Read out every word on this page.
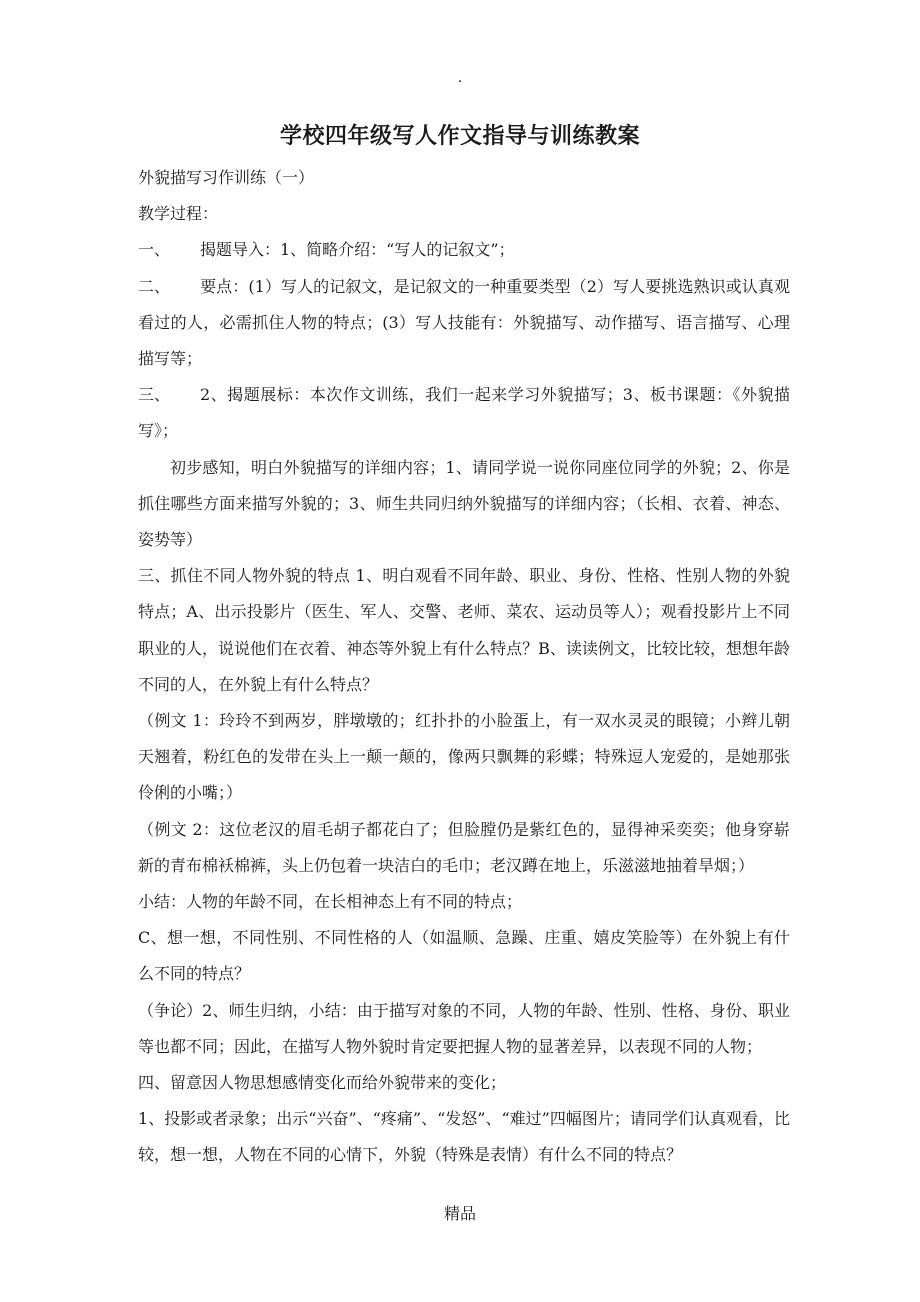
.
学校四年级写人作文指导与训练教案

外貌描写习作训练（一）

教学过程：

一、 揭题导入：1、简略介绍：“写人的记叙文”；

二、 要点：(1）写人的记叙文，是记叙文的一种重要类型（2）写人要挑选熟识或认真观看过的人，必需抓住人物的特点；(3）写人技能有：外貌描写、动作描写、语言描写、心理描写等；

三、 2、揭题展标：本次作文训练，我们一起来学习外貌描写；3、板书课题：《外貌描写》；

初步感知，明白外貌描写的详细内容；1、请同学说一说你同座位同学的外貌；2、你是抓住哪些方面来描写外貌的；3、师生共同归纳外貌描写的详细内容；（长相、衣着、神态、姿势等）

三、抓住不同人物外貌的特点 1、明白观看不同年龄、职业、身份、性格、性别人物的外貌特点；A、出示投影片（医生、军人、交警、老师、菜农、运动员等人）；观看投影片上不同职业的人，说说他们在衣着、神态等外貌上有什么特点？B、读读例文，比较比较，想想年龄不同的人，在外貌上有什么特点？

（例文 1：玲玲不到两岁，胖墩墩的；红扑扑的小脸蛋上，有一双水灵灵的眼镜；小辫儿朝天翘着，粉红色的发带在头上一颠一颠的，像两只飘舞的彩蝶；特殊逗人宠爱的，是她那张伶俐的小嘴；）

（例文 2：这位老汉的眉毛胡子都花白了；但脸膛仍是紫红色的，显得神采奕奕；他身穿崭新的青布棉袄棉裤，头上仍包着一块洁白的毛巾；老汉蹲在地上，乐滋滋地抽着旱烟；）

小结：人物的年龄不同，在长相神态上有不同的特点；

C、想一想，不同性别、不同性格的人（如温顺、急躁、庄重、嬉皮笑脸等）在外貌上有什么不同的特点？

（争论）2、师生归纳，小结：由于描写对象的不同，人物的年龄、性别、性格、身份、职业等也都不同；因此，在描写人物外貌时肯定要把握人物的显著差异，以表现不同的人物；

四、留意因人物思想感情变化而给外貌带来的变化；

1、投影或者录象；出示“兴奋”、“疼痛”、“发怒”、“难过”四幅图片；请同学们认真观看，比较，想一想，人物在不同的心情下，外貌（特殊是表情）有什么不同的特点？

精品
